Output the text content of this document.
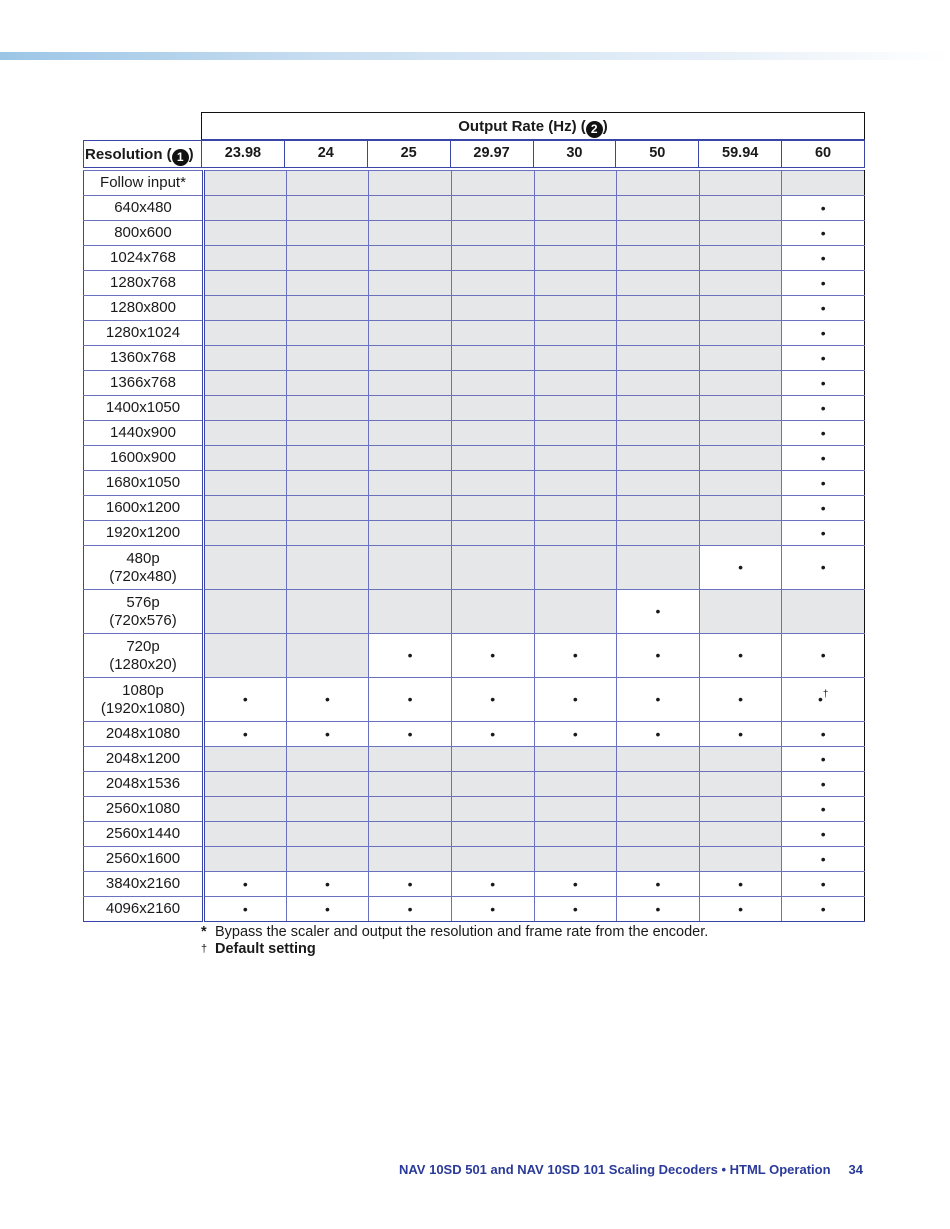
Output Rate (Hz) ( 2 )
Resolution ( 1 )	23.98	24	25	29.97	30	50	59.94	60
Follow input*								

640x480								•

800x600								•

1024x768								•

1280x768								•

1280x800								•

1280x1024								•

1360x768								•

1366x768								•

1400x1050								•

1440x900								•

1600x900								•

1680x1050								•

1600x1200								•

1920x1200								•

480p
(720x480)							•	•

576p
(720x576)						•		

720p
(1280x20)			•	•	•	•	•	•

1080p
(1920x1080)	•	•	•	•	•	•	•	•†

2048x1080	•	•	•	•	•	•	•	•

2048x1200								•

2048x1536								•

2560x1080								•

2560x1440								•

2560x1600								•

3840x2160	•	•	•	•	•	•	•	•

4096x2160	•	•	•	•	•	•	•	•
* Bypass the scaler and output the resolution and frame rate from the encoder.
† Default setting
NAV 10SD 501 and NAV 10SD 101 Scaling Decoders • HTML Operation 34
